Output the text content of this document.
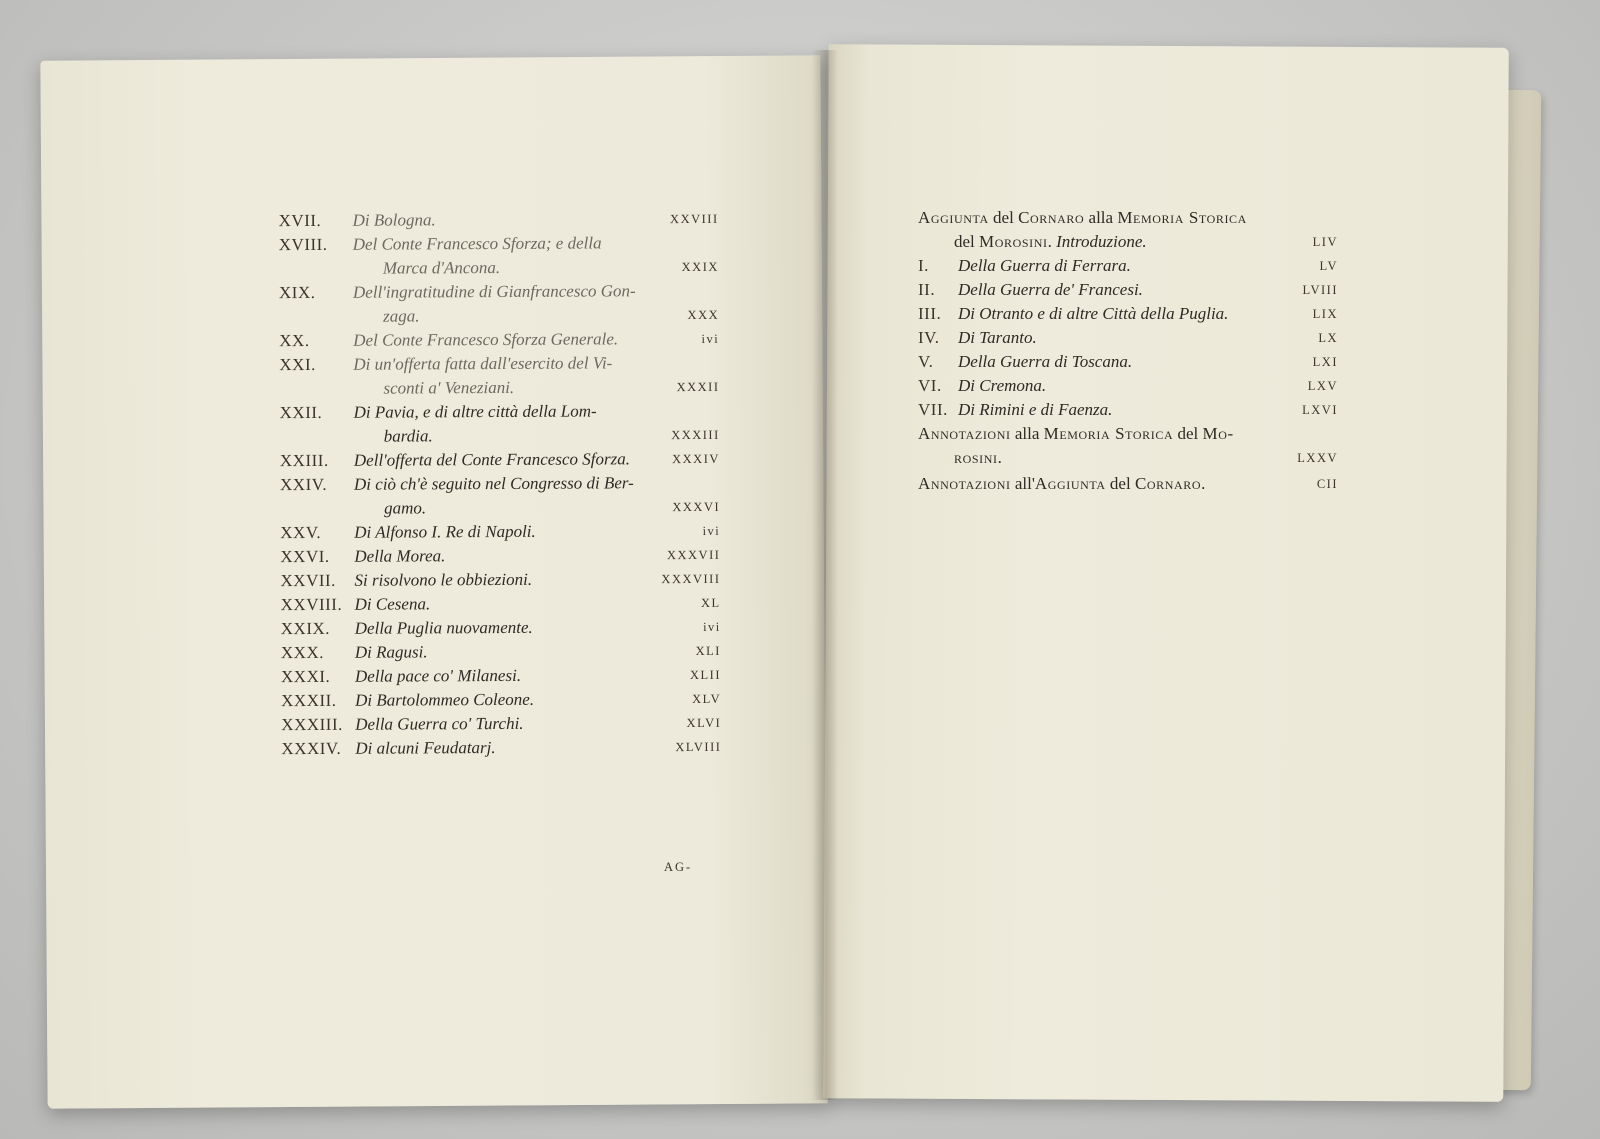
XVII.	Di Bologna.	XXVIII
XVIII.	Del Conte Francesco Sforza; e della
Marca d'Ancona.	XXIX
XIX.	Dell'ingratitudine di Gianfrancesco Gon-
zaga.	XXX
XX.	Del Conte Francesco Sforza Generale.	ivi
XXI.	Di un'offerta fatta dall'esercito del Vi-
sconti a' Veneziani.	XXXII
XXII.	Di Pavia, e di altre città della Lom-
bardia.	XXXIII
XXIII.	Dell'offerta del Conte Francesco Sforza.	XXXIV
XXIV.	Di ciò ch'è seguito nel Congresso di Ber-
gamo.	XXXVI
XXV.	Di Alfonso I. Re di Napoli.	ivi
XXVI.	Della Morea.	XXXVII
XXVII.	Si risolvono le obbiezioni.	XXXVIII
XXVIII. Di Cesena.	XL
XXIX.	Della Puglia nuovamente.	ivi
XXX.	Di Ragusi.	XLI
XXXI.	Della pace co' Milanesi.	XLII
XXXII.	Di Bartolommeo Coleone.	XLV
XXXIII. Della Guerra co' Turchi.	XLVI
XXXIV. Di alcuni Feudatarj.	XLVIII
AG-
Aggiunta del Cornaro alla Memoria Storica
del Morosini. Introduzione.	LIV
I.	Della Guerra di Ferrara.	LV
II.	Della Guerra de' Francesi.	LVIII
III. Di Otranto e di altre Città della Puglia.	LIX
IV.	Di Taranto.	LX
V.	Della Guerra di Toscana.	LXI
VI. Di Cremona.	LXV
VII. Di Rimini e di Faenza.	LXVI
Annotazioni alla Memoria Storica del Mo-
rosini.	LXXV
Annotazioni all'Aggiunta del Cornaro.	CII
